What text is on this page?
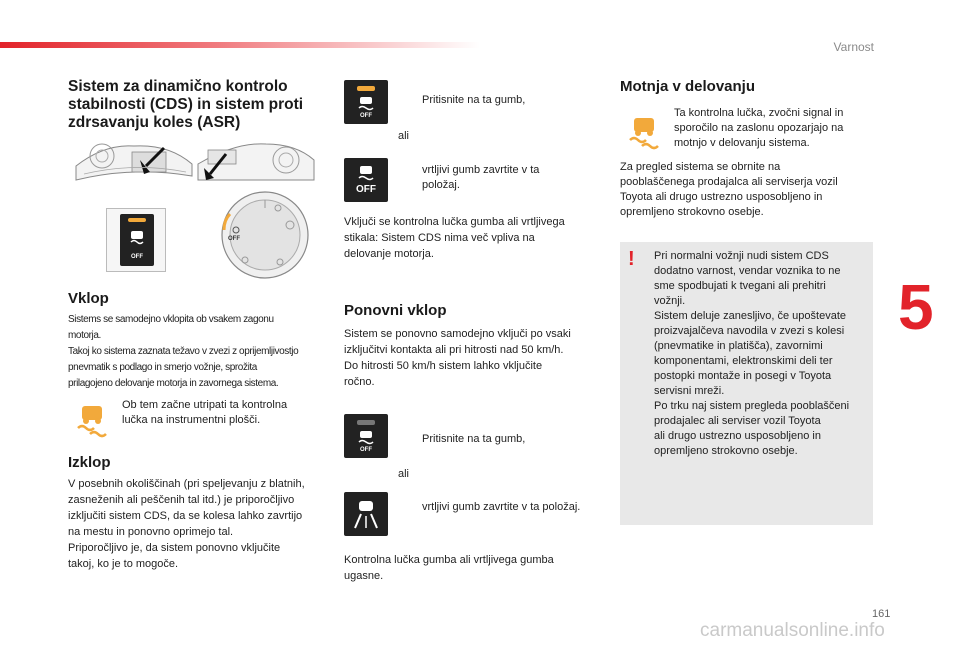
Varnost
5
161
carmanualsonline.info
Sistem za dinamično kontrolo stabilnosti (CDS) in sistem proti zdrsavanju koles (ASR)
OFF
OFF
Vklop
Sistems se samodejno vklopita ob vsakem zagonu
motorja.
Takoj ko sistema zaznata težavo v zvezi z oprijemljivostjo
pnevmatik s podlago in smerjo vožnje, sprožita
prilagojeno delovanje motorja in zavornega sistema.
Ob tem začne utripati ta kontrolna
lučka na instrumentni plošči.
Izklop
V posebnih okoliščinah (pri speljevanju z blatnih,
zasneženih ali peščenih tal itd.) je priporočljivo
izključiti sistem CDS, da se kolesa lahko zavrtijo
na mestu in ponovno oprimejo tal.
Priporočljivo je, da sistem ponovno vključite
takoj, ko je to mogoče.
OFF
Pritisnite na ta gumb,
ali
OFF
vrtljivi gumb zavrtite v ta
položaj.
Vključi se kontrolna lučka gumba ali vrtljivega
stikala: Sistem CDS nima več vpliva na
delovanje motorja.
Ponovni vklop
Sistem se ponovno samodejno vključi po vsaki
izključitvi kontakta ali pri hitrosti nad 50 km/h.
Do hitrosti 50 km/h sistem lahko vključite
ročno.
OFF
Pritisnite na ta gumb,
ali
vrtljivi gumb zavrtite v ta položaj.
Kontrolna lučka gumba ali vrtljivega gumba
ugasne.
Motnja v delovanju
Ta kontrolna lučka, zvočni signal in
sporočilo na zaslonu opozarjajo na
motnjo v delovanju sistema.
Za pregled sistema se obrnite na
pooblaščenega prodajalca ali serviserja vozil
Toyota ali drugo ustrezno usposobljeno in
opremljeno strokovno osebje.
! Pri normalni vožnji nudi sistem CDS
dodatno varnost, vendar voznika to ne
sme spodbujati k tvegani ali prehitri
vožnji.
Sistem deluje zanesljivo, če upoštevate
proizvajalčeva navodila v zvezi s kolesi
(pnevmatike in platišča), zavornimi
komponentami, elektronskimi deli ter
postopki montaže in posegi v Toyota
servisni mreži.
Po trku naj sistem pregleda pooblaščeni
prodajalec ali serviser vozil Toyota
ali drugo ustrezno usposobljeno in
opremljeno strokovno osebje.
